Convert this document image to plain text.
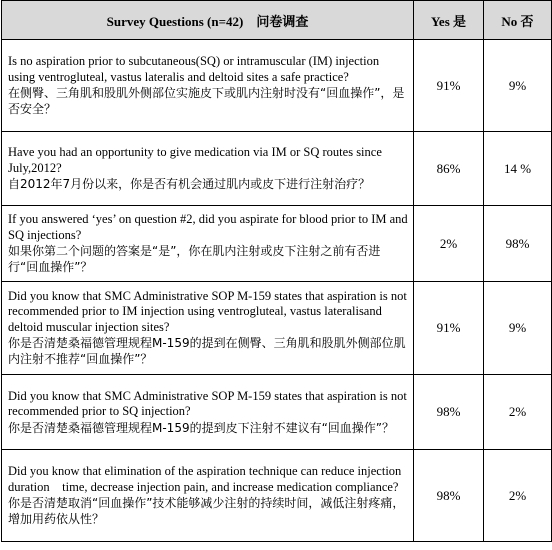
Survey Questions (n=42)　问卷调查	Yes 是	No 否

Is no aspiration prior to subcutaneous(SQ) or intramuscular (IM) injection using ventrogluteal, vastus lateralis and deltoid sites a safe practice?
在侧臀、三角肌和股肌外侧部位实施皮下或肌内注射时没有“回血操作”，是否安全？	91%	9%

Have you had an opportunity to give medication via IM or SQ routes since July,2012?
自2012年7月份以来，你是否有机会通过肌内或皮下进行注射治疗？	86%	14 %

If you answered ‘yes’ on question #2, did you aspirate for blood prior to IM and SQ injections?
如果你第二个问题的答案是“是”，你在肌内注射或皮下注射之前有否进行“回血操作”？	2%	98%

Did you know that SMC Administrative SOP M-159 states that aspiration is not recommended prior to IM injection using ventrogluteal, vastus lateralisand deltoid muscular injection sites?
你是否清楚桑福德管理规程M-159的提到在侧臀、三角肌和股肌外侧部位肌内注射不推荐“回血操作”？	91%	9%

Did you know that SMC Administrative SOP M-159 states that aspiration is not recommended prior to SQ injection?
你是否清楚桑福德管理规程M-159的提到皮下注射不建议有“回血操作”？	98%	2%

Did you know that elimination of the aspiration technique can reduce injection duration　time, decrease injection pain, and increase medication compliance?
你是否清楚取消“回血操作”技术能够减少注射的持续时间，减低注射疼痛，增加用药依从性？	98%	2%
